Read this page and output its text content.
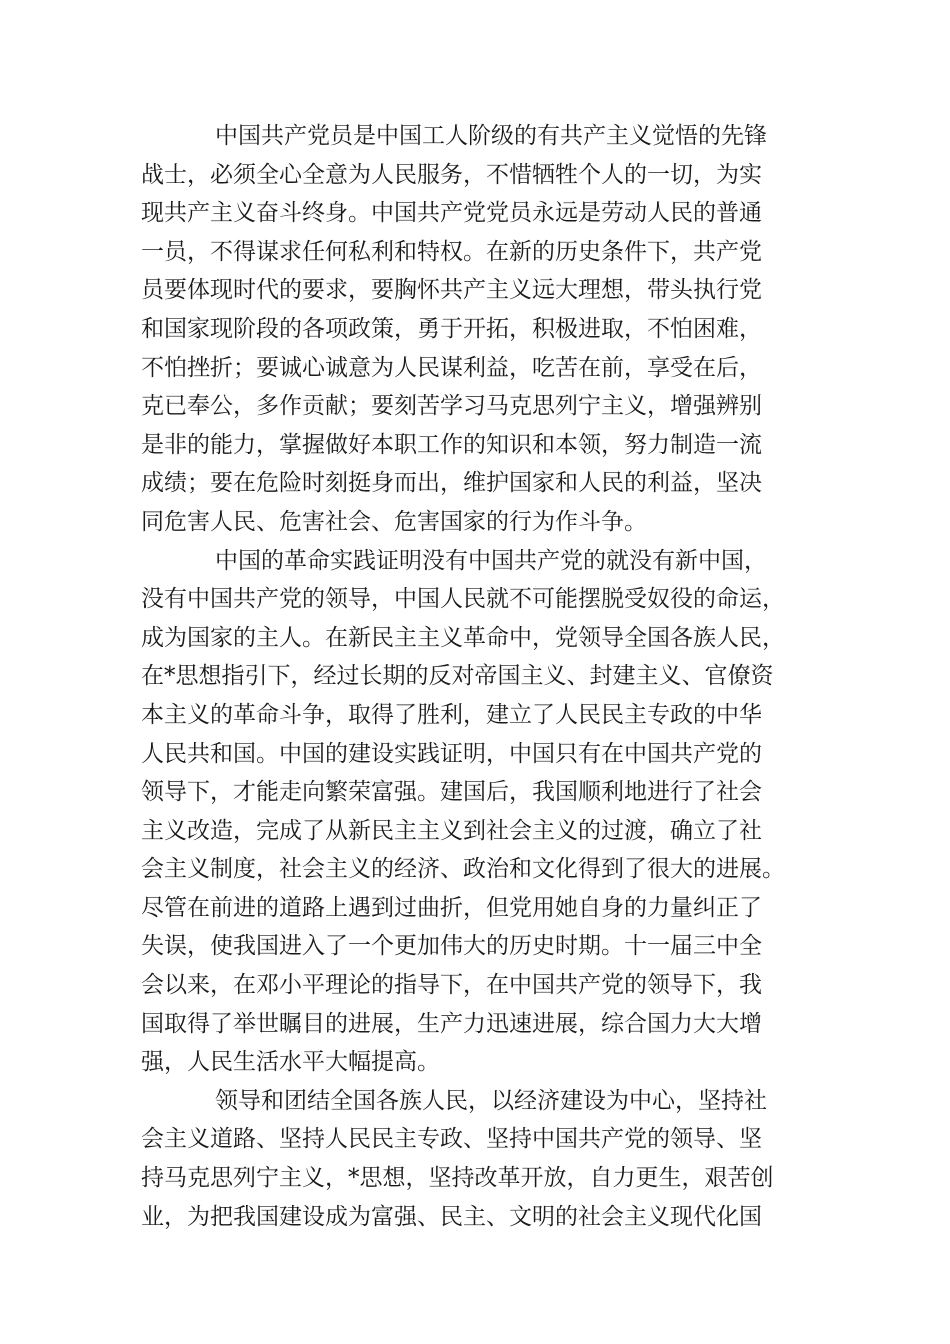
中国共产党员是中国工人阶级的有共产主义觉悟的先锋
战士，必须全心全意为人民服务，不惜牺牲个人的一切，为实
现共产主义奋斗终身。中国共产党党员永远是劳动人民的普通
一员，不得谋求任何私利和特权。在新的历史条件下，共产党
员要体现时代的要求，要胸怀共产主义远大理想，带头执行党
和国家现阶段的各项政策，勇于开拓，积极进取，不怕困难，
不怕挫折；要诚心诚意为人民谋利益，吃苦在前，享受在后，
克已奉公，多作贡献；要刻苦学习马克思列宁主义，增强辨别
是非的能力，掌握做好本职工作的知识和本领，努力制造一流
成绩；要在危险时刻挺身而出，维护国家和人民的利益，坚决
同危害人民、危害社会、危害国家的行为作斗争。
中国的革命实践证明没有中国共产党的就没有新中国，
没有中国共产党的领导，中国人民就不可能摆脱受奴役的命运，
成为国家的主人。在新民主主义革命中，党领导全国各族人民，
在*思想指引下，经过长期的反对帝国主义、封建主义、官僚资
本主义的革命斗争，取得了胜利，建立了人民民主专政的中华
人民共和国。中国的建设实践证明，中国只有在中国共产党的
领导下，才能走向繁荣富强。建国后，我国顺利地进行了社会
主义改造，完成了从新民主主义到社会主义的过渡，确立了社
会主义制度，社会主义的经济、政治和文化得到了很大的进展。
尽管在前进的道路上遇到过曲折，但党用她自身的力量纠正了
失误，使我国进入了一个更加伟大的历史时期。十一届三中全
会以来，在邓小平理论的指导下，在中国共产党的领导下，我
国取得了举世瞩目的进展，生产力迅速进展，综合国力大大增
强，人民生活水平大幅提高。
领导和团结全国各族人民，以经济建设为中心，坚持社
会主义道路、坚持人民民主专政、坚持中国共产党的领导、坚
持马克思列宁主义，*思想，坚持改革开放，自力更生，艰苦创
业，为把我国建设成为富强、民主、文明的社会主义现代化国
